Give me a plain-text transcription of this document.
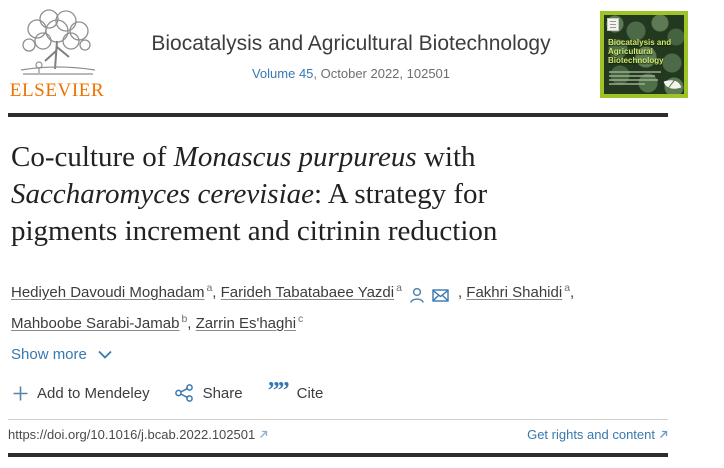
ELSEVIER
Biocatalysis and Agricultural Biotechnology
Volume 45, October 2022, 102501
Biocatalysis and Agricultural Biotechnology
Co-culture of Monascus purpureus with
Saccharomyces cerevisiae: A strategy for
pigments increment and citrinin reduction
Hediyeh Davoudi Moghadam $^a$, Farideh Tabatabaee Yazdi $^a$	, Fakhri Shahidi $^a$,
Mahboobe Sarabi-Jamab $^b$, Zarrin Es'haghi $^c$
Show more
Add to Mendeley	Share ”” Cite
https://doi.org/10.1016/j.bcab.2022.102501	Get rights and content
